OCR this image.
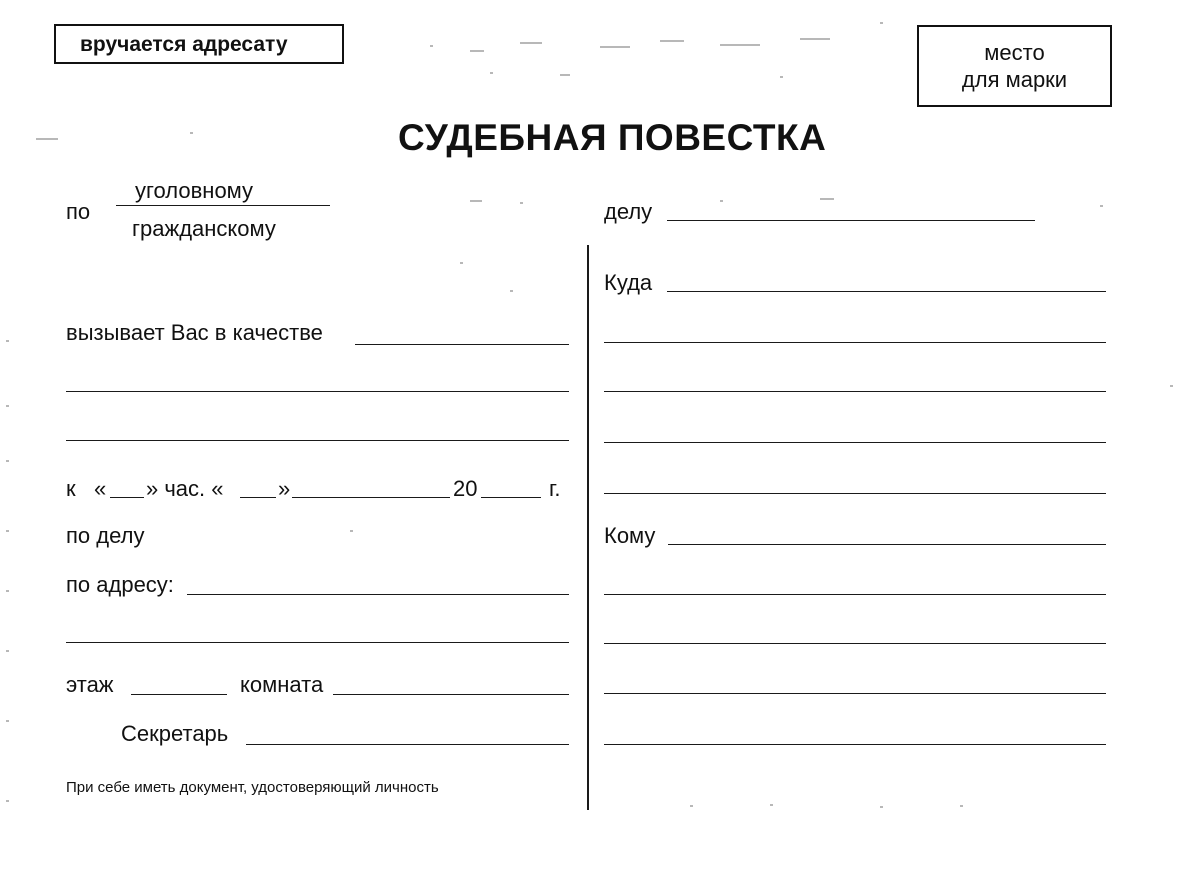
вручается адресату	место
для марки
СУДЕБНАЯ ПОВЕСТКА
по
уголовному
гражданскому
вызывает Вас в качестве
к « » час. « »	20	г.
по делу
по адресу:
этаж	комната
Секретарь
При себе иметь документ, удостоверяющий личность
делу
Куда
Кому
